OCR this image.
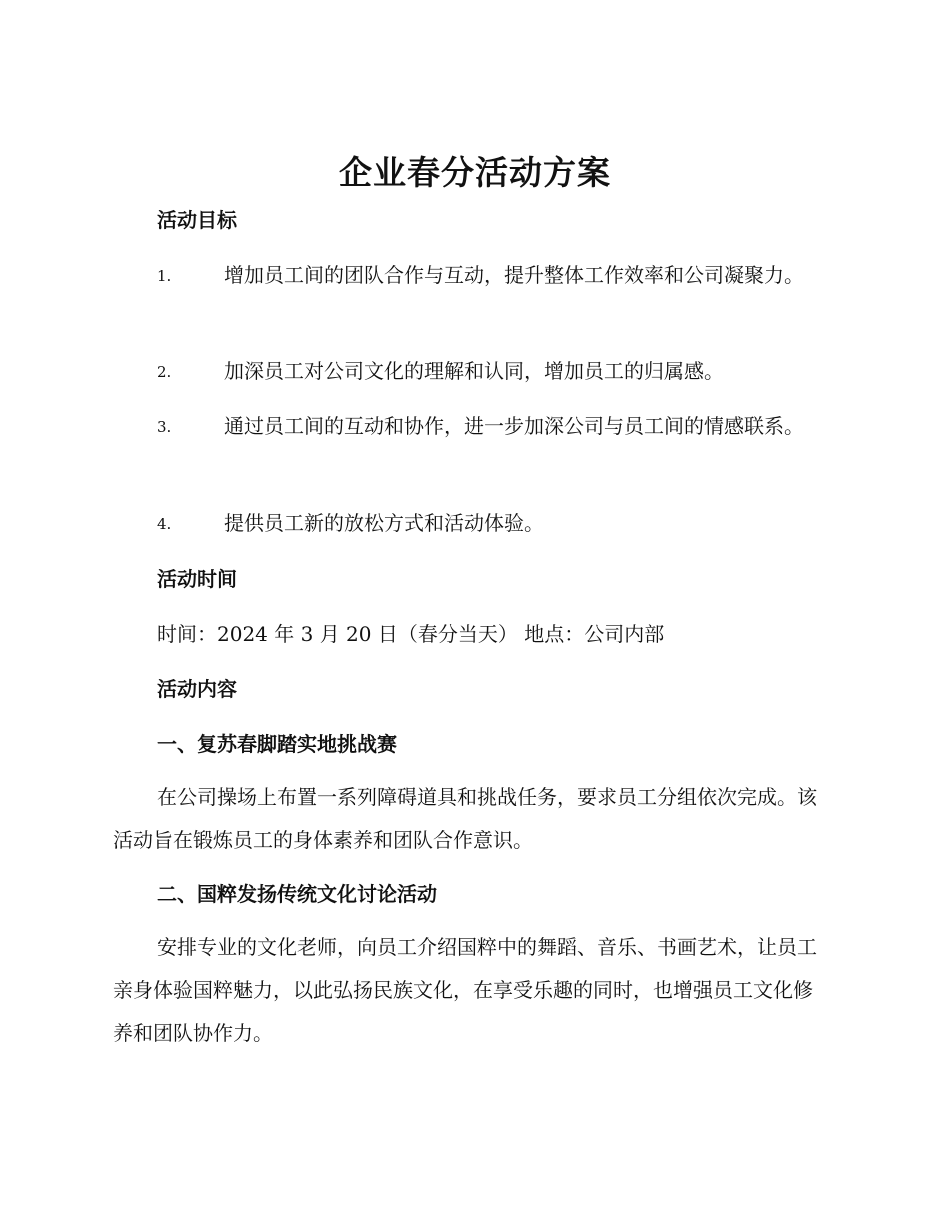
企业春分活动方案
活动目标
1.	增加员工间的团队合作与互动，提升整体工作效率和公司凝聚力。
2.	加深员工对公司文化的理解和认同，增加员工的归属感。
3.	通过员工间的互动和协作，进一步加深公司与员工间的情感联系。
4.	提供员工新的放松方式和活动体验。
活动时间
时间：2024 年 3 月 20 日（春分当天） 地点：公司内部
活动内容
一、复苏春脚踏实地挑战赛
在公司操场上布置一系列障碍道具和挑战任务，要求员工分组依次完成。该活动旨在锻炼员工的身体素养和团队合作意识。
二、国粹发扬传统文化讨论活动
安排专业的文化老师，向员工介绍国粹中的舞蹈、音乐、书画艺术，让员工亲身体验国粹魅力，以此弘扬民族文化，在享受乐趣的同时，也增强员工文化修养和团队协作力。
